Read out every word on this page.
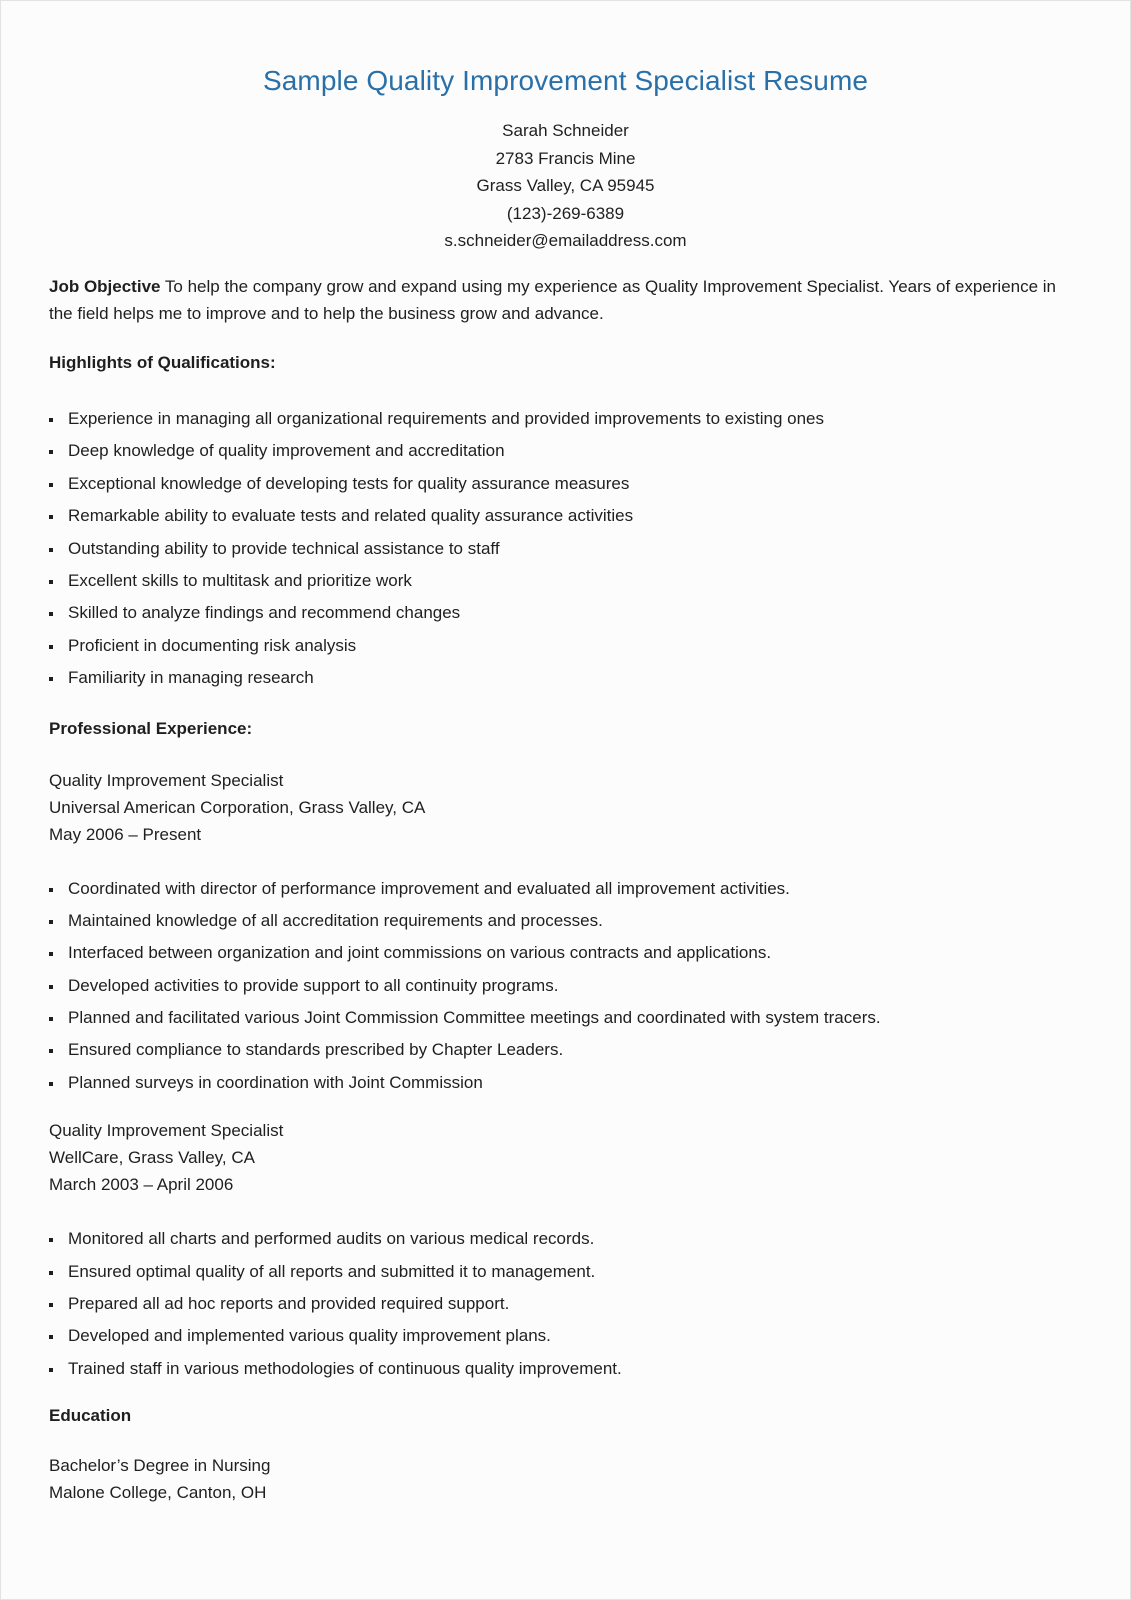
Sample Quality Improvement Specialist Resume
Sarah Schneider
2783 Francis Mine
Grass Valley, CA 95945
(123)-269-6389
s.schneider@emailaddress.com

Job Objective To help the company grow and expand using my experience as Quality Improvement Specialist. Years of experience in the field helps me to improve and to help the business grow and advance.

Highlights of Qualifications:
Experience in managing all organizational requirements and provided improvements to existing ones
Deep knowledge of quality improvement and accreditation
Exceptional knowledge of developing tests for quality assurance measures
Remarkable ability to evaluate tests and related quality assurance activities
Outstanding ability to provide technical assistance to staff
Excellent skills to multitask and prioritize work
Skilled to analyze findings and recommend changes
Proficient in documenting risk analysis
Familiarity in managing research
Professional Experience:
Quality Improvement Specialist
Universal American Corporation, Grass Valley, CA
May 2006 – Present
Coordinated with director of performance improvement and evaluated all improvement activities.
Maintained knowledge of all accreditation requirements and processes.
Interfaced between organization and joint commissions on various contracts and applications.
Developed activities to provide support to all continuity programs.
Planned and facilitated various Joint Commission Committee meetings and coordinated with system tracers.
Ensured compliance to standards prescribed by Chapter Leaders.
Planned surveys in coordination with Joint Commission
Quality Improvement Specialist
WellCare, Grass Valley, CA
March 2003 – April 2006
Monitored all charts and performed audits on various medical records.
Ensured optimal quality of all reports and submitted it to management.
Prepared all ad hoc reports and provided required support.
Developed and implemented various quality improvement plans.
Trained staff in various methodologies of continuous quality improvement.
Education
Bachelor’s Degree in Nursing
Malone College, Canton, OH
